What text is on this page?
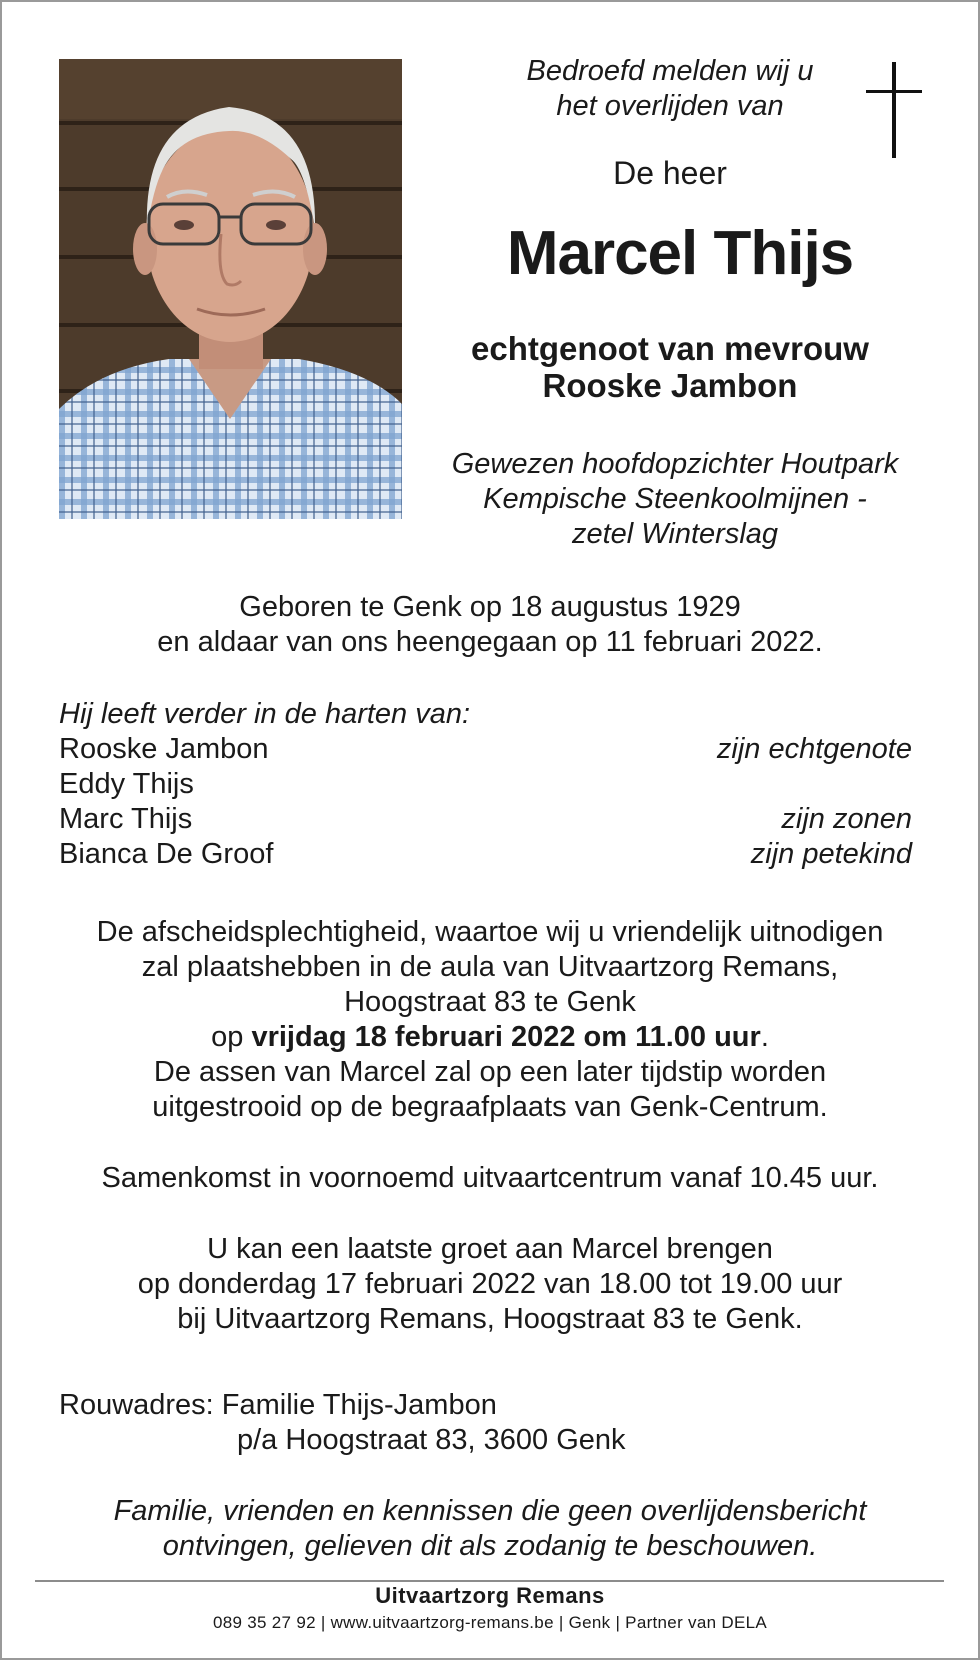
Bedroefd melden wij u
het overlijden van
De heer
Marcel Thijs
echtgenoot van mevrouw
Rooske Jambon
Gewezen hoofdopzichter Houtpark
Kempische Steenkoolmijnen -
zetel Winterslag
Geboren te Genk op 18 augustus 1929
en aldaar van ons heengegaan op 11 februari 2022.
Hij leeft verder in de harten van:
Rooske Jambon	zijn echtgenote
Eddy Thijs
Marc Thijs	zijn zonen
Bianca De Groof	zijn petekind
De afscheidsplechtigheid, waartoe wij u vriendelijk uitnodigen
zal plaatshebben in de aula van Uitvaartzorg Remans,
Hoogstraat 83 te Genk
op vrijdag 18 februari 2022 om 11.00 uur.
De assen van Marcel zal op een later tijdstip worden
uitgestrooid op de begraafplaats van Genk-Centrum.
Samenkomst in voornoemd uitvaartcentrum vanaf 10.45 uur.
U kan een laatste groet aan Marcel brengen
op donderdag 17 februari 2022 van 18.00 tot 19.00 uur
bij Uitvaartzorg Remans, Hoogstraat 83 te Genk.
Rouwadres: Familie Thijs-Jambon
p/a Hoogstraat 83, 3600 Genk
Familie, vrienden en kennissen die geen overlijdensbericht
ontvingen, gelieven dit als zodanig te beschouwen.
Uitvaartzorg Remans
089 35 27 92 | www.uitvaartzorg-remans.be | Genk | Partner van DELA
